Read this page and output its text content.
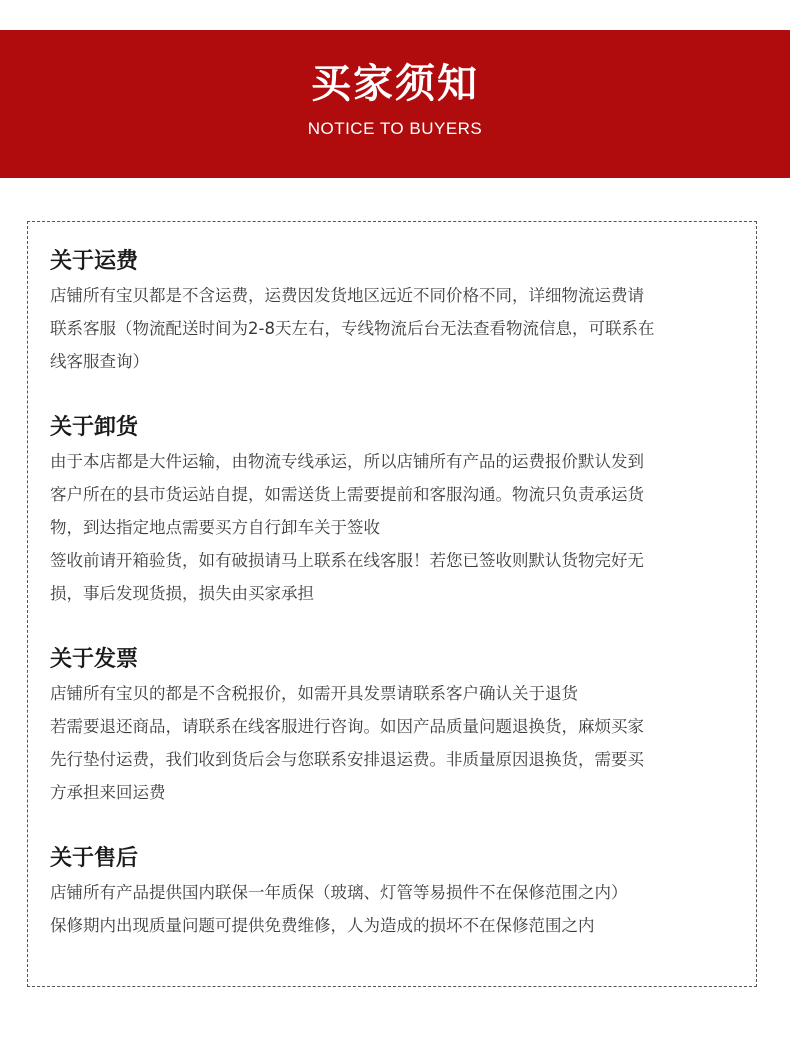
买家须知
NOTICE TO BUYERS
关于运费
店铺所有宝贝都是不含运费，运费因发货地区远近不同价格不同，详细物流运费请
联系客服（物流配送时间为2-8天左右，专线物流后台无法查看物流信息，可联系在
线客服查询）
关于卸货
由于本店都是大件运输，由物流专线承运，所以店铺所有产品的运费报价默认发到
客户所在的县市货运站自提，如需送货上需要提前和客服沟通。物流只负责承运货
物，到达指定地点需要买方自行卸车关于签收
签收前请开箱验货，如有破损请马上联系在线客服！若您已签收则默认货物完好无
损，事后发现货损，损失由买家承担
关于发票
店铺所有宝贝的都是不含税报价，如需开具发票请联系客户确认关于退货
若需要退还商品，请联系在线客服进行咨询。如因产品质量问题退换货，麻烦买家
先行垫付运费，我们收到货后会与您联系安排退运费。非质量原因退换货，需要买
方承担来回运费
关于售后
店铺所有产品提供国内联保一年质保（玻璃、灯管等易损件不在保修范围之内）
保修期内出现质量问题可提供免费维修，人为造成的损坏不在保修范围之内
